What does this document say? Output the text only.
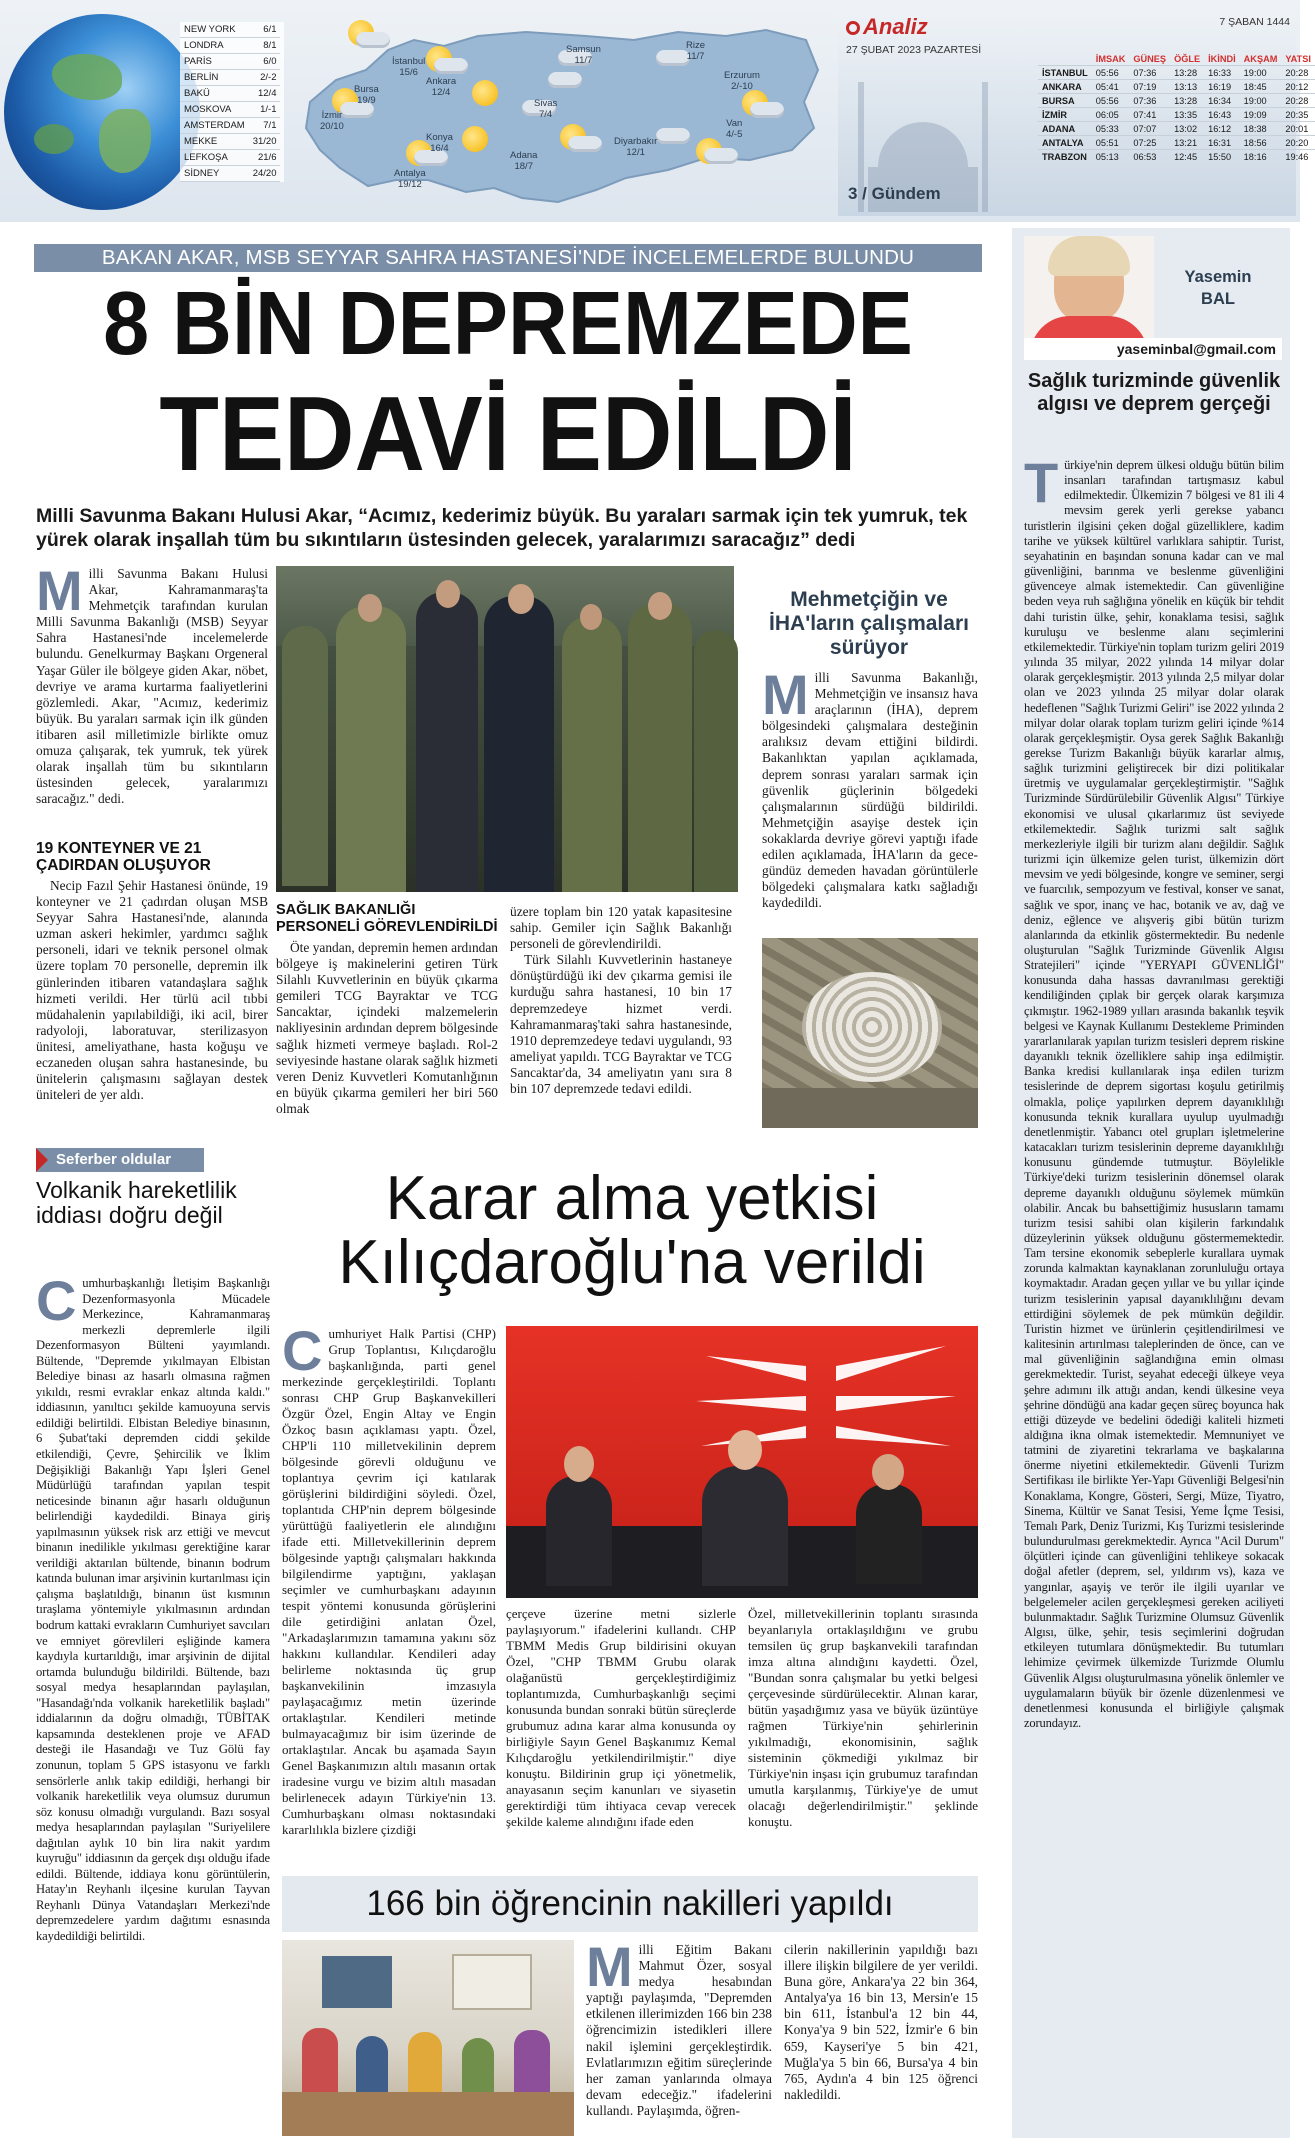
NEW YORK	6/1
LONDRA	8/1
PARİS	6/0
BERLİN	2/-2
BAKÜ	12/4
MOSKOVA	1/-1
AMSTERDAM	7/1
MEKKE	31/20
LEFKOŞA	21/6
SİDNEY	24/20
İstanbul
15/6
Bursa
19/9
İzmir
20/10
Ankara
12/4
Konya
16/4
Antalya
19/12
Samsun
11/7
Sivas
7/4
Adana
18/7
Rize
11/7
Erzurum
2/-10
Van
4/-5
Diyarbakır
12/1
Analiz
27 ŞUBAT 2023 PAZARTESİ
7 ŞABAN 1444
3 / Gündem
	İMSAK	GÜNEŞ	ÖĞLE	İKİNDİ	AKŞAM	YATSI
İSTANBUL	05:56	07:36	13:28	16:33	19:00	20:28
ANKARA	05:41	07:19	13:13	16:19	18:45	20:12
BURSA	05:56	07:36	13:28	16:34	19:00	20:28
İZMİR	06:05	07:41	13:35	16:43	19:09	20:35
ADANA	05:33	07:07	13:02	16:12	18:38	20:01
ANTALYA	05:51	07:25	13:21	16:31	18:56	20:20
TRABZON	05:13	06:53	12:45	15:50	18:16	19:46
BAKAN AKAR, MSB SEYYAR SAHRA HASTANESİ'NDE İNCELEMELERDE BULUNDU
8 BİN DEPREMZEDE
TEDAVİ EDİLDİ
Milli Savunma Bakanı Hulusi Akar, “Acımız, kederimiz büyük. Bu yaraları sarmak için tek yumruk, tek yürek olarak inşallah tüm bu sıkıntıların üstesinden gelecek, yaralarımızı saracağız” dedi
Milli Savunma Bakanı Hulusi Akar, Kahramanmaraş'ta Mehmetçik tarafından kurulan Milli Savunma Bakanlığı (MSB) Seyyar Sahra Hastanesi'nde incelemelerde bulundu. Genelkurmay Başkanı Orgeneral Yaşar Güler ile bölgeye giden Akar, nöbet, devriye ve arama kurtarma faaliyetlerini gözlemledi. Akar, "Acımız, kederimiz büyük. Bu yaraları sarmak için ilk günden itibaren asil milletimizle birlikte omuz omuza çalışarak, tek yumruk, tek yürek olarak inşallah tüm bu sıkıntıların üstesinden gelecek, yaralarımızı saracağız." dedi.
19 KONTEYNER VE 21 ÇADIRDAN OLUŞUYOR
Necip Fazıl Şehir Hastanesi önünde, 19 konteyner ve 21 çadırdan oluşan MSB Seyyar Sahra Hastanesi'nde, alanında uzman askeri hekimler, yardımcı sağlık personeli, idari ve teknik personel olmak üzere toplam 70 personelle, depremin ilk günlerinden itibaren vatandaşlara sağlık hizmeti verildi. Her türlü acil tıbbi müdahalenin yapılabildiği, iki acil, birer radyoloji, laboratuvar, sterilizasyon ünitesi, ameliyathane, hasta koğuşu ve eczaneden oluşan sahra hastanesinde, bu ünitelerin çalışmasını sağlayan destek üniteleri de yer aldı.
SAĞLIK BAKANLIĞI PERSONELİ GÖREVLENDİRİLDİ
Öte yandan, depremin hemen ardından bölgeye iş makinelerini getiren Türk Silahlı Kuvvetlerinin en büyük çıkarma gemileri TCG Bayraktar ve TCG Sancaktar, içindeki malzemelerin nakliyesinin ardından deprem bölgesinde sağlık hizmeti vermeye başladı. Rol-2 seviyesinde hastane olarak sağlık hizmeti veren Deniz Kuvvetleri Komutanlığının en büyük çıkarma gemileri her biri 560 olmak

üzere toplam bin 120 yatak kapasitesine sahip. Gemiler için Sağlık Bakanlığı personeli de görevlendirildi.

Türk Silahlı Kuvvetlerinin hastaneye dönüştürdüğü iki dev çıkarma gemisi ile kurduğu sahra hastanesi, 10 bin 17 depremzedeye hizmet verdi. Kahramanmaraş'taki sahra hastanesinde, 1910 depremzedeye tedavi uygulandı, 93 ameliyat yapıldı. TCG Bayraktar ve TCG Sancaktar'da, 34 ameliyatın yanı sıra 8 bin 107 depremzede tedavi edildi.

Mehmetçiğin ve İHA'ların çalışmaları sürüyor
Milli Savunma Bakanlığı, Mehmetçiğin ve insansız hava araçlarının (İHA), deprem bölgesindeki çalışmalara desteğinin aralıksız devam ettiğini bildirdi. Bakanlıktan yapılan açıklamada, deprem sonrası yaraları sarmak için güvenlik güçlerinin bölgedeki çalışmalarının sürdüğü bildirildi. Mehmetçiğin asayişe destek için sokaklarda devriye görevi yaptığı ifade edilen açıklamada, İHA'ların da gece-gündüz demeden havadan görüntülerle bölgedeki çalışmalara katkı sağladığı kaydedildi.
Seferber oldular
Volkanik hareketlilik iddiası doğru değil
Cumhurbaşkanlığı İletişim Başkanlığı Dezenformasyonla Mücadele Merkezince, Kahramanmaraş merkezli depremlerle ilgili Dezenformasyon Bülteni yayımlandı. Bültende, "Depremde yıkılmayan Elbistan Belediye binası az hasarlı olmasına rağmen yıkıldı, resmi evraklar enkaz altında kaldı." iddiasının, yanıltıcı şekilde kamuoyuna servis edildiği belirtildi. Elbistan Belediye binasının, 6 Şubat'taki depremden ciddi şekilde etkilendiği, Çevre, Şehircilik ve İklim Değişikliği Bakanlığı Yapı İşleri Genel Müdürlüğü tarafından yapılan tespit neticesinde binanın ağır hasarlı olduğunun belirlendiği kaydedildi. Binaya giriş yapılmasının yüksek risk arz ettiği ve mevcut binanın inedilikle yıkılması gerektiğine karar verildiği aktarılan bültende, binanın bodrum katında bulunan imar arşivinin kurtarılması için çalışma başlatıldığı, binanın üst kısmının tıraşlama yöntemiyle yıkılmasının ardından bodrum kattaki evrakların Cumhuriyet savcıları ve emniyet görevlileri eşliğinde kamera kaydıyla kurtarıldığı, imar arşivinin de dijital ortamda bulunduğu bildirildi. Bültende, bazı sosyal medya hesaplarından paylaşılan, "Hasandağı'nda volkanik hareketlilik başladı" iddialarının da doğru olmadığı, TÜBİTAK kapsamında desteklenen proje ve AFAD desteği ile Hasandağı ve Tuz Gölü fay zonunun, toplam 5 GPS istasyonu ve farklı sensörlerle anlık takip edildiği, herhangi bir volkanik hareketlilik veya olumsuz durumun söz konusu olmadığı vurgulandı. Bazı sosyal medya hesaplarından paylaşılan "Suriyelilere dağıtılan aylık 10 bin lira nakit yardım kuyruğu" iddiasının da gerçek dışı olduğu ifade edildi. Bültende, iddiaya konu görüntülerin, Hatay'ın Reyhanlı ilçesine kurulan Tayvan Reyhanlı Dünya Vatandaşları Merkezi'nde depremzedelere yardım dağıtımı esnasında kaydedildiği belirtildi.
Karar alma yetkisi
Kılıçdaroğlu'na verildi
Cumhuriyet Halk Partisi (CHP) Grup Toplantısı, Kılıçdaroğlu başkanlığında, parti genel merkezinde gerçekleştirildi. Toplantı sonrası CHP Grup Başkanvekilleri Özgür Özel, Engin Altay ve Engin Özkoç basın açıklaması yaptı. Özel, CHP'li 110 milletvekilinin deprem bölgesinde görevli olduğunu ve toplantıya çevrim içi katılarak görüşlerini bildirdiğini söyledi. Özel, toplantıda CHP'nin deprem bölgesinde yürüttüğü faaliyetlerin ele alındığını ifade etti. Milletvekillerinin deprem bölgesinde yaptığı çalışmaları hakkında bilgilendirme yaptığını, yaklaşan seçimler ve cumhurbaşkanı adayının tespit yöntemi konusunda görüşlerini dile getirdiğini anlatan Özel, "Arkadaşlarımızın tamamına yakını söz hakkını kullandılar. Kendileri aday belirleme noktasında üç grup başkanvekilinin imzasıyla paylaşacağımız metin üzerinde ortaklaştılar. Kendileri metinde bulmayacağımız bir isim üzerinde de ortaklaştılar. Ancak bu aşamada Sayın Genel Başkanımızın altılı masanın ortak iradesine vurgu ve bizim altılı masadan belirlenecek adayın Türkiye'nin 13. Cumhurbaşkanı olması noktasındaki kararlılıkla bizlere çizdiği
çerçeve üzerine metni sizlerle paylaşıyorum." ifadelerini kullandı. CHP TBMM Medis Grup bildirisini okuyan Özel, "CHP TBMM Grubu olarak olağanüstü gerçekleştirdiğimiz toplantımızda, Cumhurbaşkanlığı seçimi konusunda bundan sonraki bütün süreçlerde grubumuz adına karar alma konusunda oy birliğiyle Sayın Genel Başkanımız Kemal Kılıçdaroğlu yetkilendirilmiştir." diye konuştu. Bildirinin grup içi yönetmelik, anayasanın seçim kanunları ve siyasetin gerektirdiği tüm ihtiyaca cevap verecek şekilde kaleme alındığını ifade eden
Özel, milletvekillerinin toplantı sırasında beyanlarıyla ortaklaşıldığını ve grubu temsilen üç grup başkanvekili tarafından imza altına alındığını kaydetti. Özel, "Bundan sonra çalışmalar bu yetki belgesi çerçevesinde sürdürülecektir. Alınan karar, bütün yaşadığımız yasa ve büyük üzüntüye rağmen Türkiye'nin şehirlerinin yıkılmadığı, ekonomisinin, sağlık sisteminin çökmediği yıkılmaz bir Türkiye'nin inşası için grubumuz tarafından umutla karşılanmış, Türkiye'ye de umut olacağı değerlendirilmiştir." şeklinde konuştu.
166 bin öğrencinin nakilleri yapıldı
Milli Eğitim Bakanı Mahmut Özer, sosyal medya hesabından yaptığı paylaşımda, "Depremden etkilenen illerimizden 166 bin 238 öğrencimizin istedikleri illere nakil işlemini gerçekleştirdik. Evlatlarımızın eğitim süreçlerinde her zaman yanlarında olmaya devam edeceğiz." ifadelerini kullandı. Paylaşımda, öğren-
cilerin nakillerinin yapıldığı bazı illere ilişkin bilgilere de yer verildi. Buna göre, Ankara'ya 22 bin 364, Antalya'ya 16 bin 13, Mersin'e 15 bin 611, İstanbul'a 12 bin 44, Konya'ya 9 bin 522, İzmir'e 6 bin 659, Kayseri'ye 5 bin 421, Muğla'ya 5 bin 66, Bursa'ya 4 bin 765, Aydın'a 4 bin 125 öğrenci nakledildi.
Yasemin
BAL
yaseminbal@gmail.com
Sağlık turizminde güvenlik algısı ve deprem gerçeği
Türkiye'nin deprem ülkesi olduğu bütün bilim insanları tarafından tartışmasız kabul edilmektedir. Ülkemizin 7 bölgesi ve 81 ili 4 mevsim gerek yerli gerekse yabancı turistlerin ilgisini çeken doğal güzelliklere, kadim tarihe ve yüksek kültürel varlıklara sahiptir. Turist, seyahatinin en başından sonuna kadar can ve mal güvenliğini, barınma ve beslenme güvenliğini güvenceye almak istemektedir. Can güvenliğine beden veya ruh sağlığına yönelik en küçük bir tehdit dahi turistin ülke, şehir, konaklama tesisi, sağlık kuruluşu ve beslenme alanı seçimlerini etkilemektedir. Türkiye'nin toplam turizm geliri 2019 yılında 35 milyar, 2022 yılında 14 milyar dolar olarak gerçekleşmiştir. 2013 yılında 2,5 milyar dolar olan ve 2023 yılında 25 milyar dolar olarak hedeflenen "Sağlık Turizmi Geliri" ise 2022 yılında 2 milyar dolar olarak toplam turizm geliri içinde %14 olarak gerçekleşmiştir. Oysa gerek Sağlık Bakanlığı gerekse Turizm Bakanlığı büyük kararlar almış, sağlık turizmini geliştirecek bir dizi politikalar üretmiş ve uygulamalar gerçekleştirmiştir. "Sağlık Turizminde Sürdürülebilir Güvenlik Algısı" Türkiye ekonomisi ve ulusal çıkarlarımız üst seviyede etkilemektedir. Sağlık turizmi salt sağlık merkezleriyle ilgili bir turizm alanı değildir. Sağlık turizmi için ülkemize gelen turist, ülkemizin dört mevsim ve yedi bölgesinde, kongre ve seminer, sergi ve fuarcılık, sempozyum ve festival, konser ve sanat, sağlık ve spor, inanç ve hac, botanik ve av, dağ ve deniz, eğlence ve alışveriş gibi bütün turizm alanlarında da etkinlik göstermektedir. Bu nedenle oluşturulan "Sağlık Turizminde Güvenlik Algısı Stratejileri" içinde "YERYAPI GÜVENLİĞİ" konusunda daha hassas davranılması gerektiği kendiliğinden çıplak bir gerçek olarak karşımıza çıkmıştır. 1962-1989 yılları arasında bakanlık teşvik belgesi ve Kaynak Kullanımı Destekleme Priminden yararlanılarak yapılan turizm tesisleri deprem riskine dayanıklı teknik özelliklere sahip inşa edilmiştir. Banka kredisi kullanılarak inşa edilen turizm tesislerinde de deprem sigortası koşulu getirilmiş olmakla, poliçe yapılırken deprem dayanıklılığı konusunda teknik kurallara uyulup uyulmadığı denetlenmiştir. Yabancı otel grupları işletmelerine katacakları turizm tesislerinin depreme dayanıklılığı konusunu gündemde tutmuştur. Böylelikle Türkiye'deki turizm tesislerinin dönemsel olarak depreme dayanıklı olduğunu söylemek mümkün olabilir. Ancak bu bahsettiğimiz hususların tamamı turizm tesisi sahibi olan kişilerin farkındalık düzeylerinin yüksek olduğunu göstermemektedir. Tam tersine ekonomik sebeplerle kurallara uymak zorunda kalmaktan kaynaklanan zorunluluğu ortaya koymaktadır. Aradan geçen yıllar ve bu yıllar içinde turizm tesislerinin yapısal dayanıklılığını devam ettirdiğini söylemek de pek mümkün değildir. Turistin hizmet ve ürünlerin çeşitlendirilmesi ve kalitesinin artırılması taleplerinden de önce, can ve mal güvenliğinin sağlandığına emin olması gerekmektedir. Turist, seyahat edeceği ülkeye veya şehre adımını ilk attığı andan, kendi ülkesine veya şehrine döndüğü ana kadar geçen süreç boyunca hak ettiği düzeyde ve bedelini ödediği kaliteli hizmeti aldığına ikna olmak istemektedir. Memnuniyet ve tatmini de ziyaretini tekrarlama ve başkalarına önerme niyetini etkilemektedir. Güvenli Turizm Sertifikası ile birlikte Yer-Yapı Güvenliği Belgesi'nin Konaklama, Kongre, Gösteri, Sergi, Müze, Tiyatro, Sinema, Kültür ve Sanat Tesisi, Yeme İçme Tesisi, Temalı Park, Deniz Turizmi, Kış Turizmi tesislerinde bulundurulması gerekmektedir. Ayrıca "Acil Durum" ölçütleri içinde can güvenliğini tehlikeye sokacak doğal afetler (deprem, sel, yıldırım vs), kaza ve yangınlar, aşayiş ve terör ile ilgili uyarılar ve belgelemeler acilen gerçekleşmesi gereken aciliyeti bulunmaktadır. Sağlık Turizmine Olumsuz Güvenlik Algısı, ülke, şehir, tesis seçimlerini doğrudan etkileyen tutumlara dönüşmektedir. Bu tutumları lehimize çevirmek ülkemizde Turizmde Olumlu Güvenlik Algısı oluşturulmasına yönelik önlemler ve uygulamaların büyük bir özenle düzenlenmesi ve denetlenmesi konusunda el birliğiyle çalışmak zorundayız.
